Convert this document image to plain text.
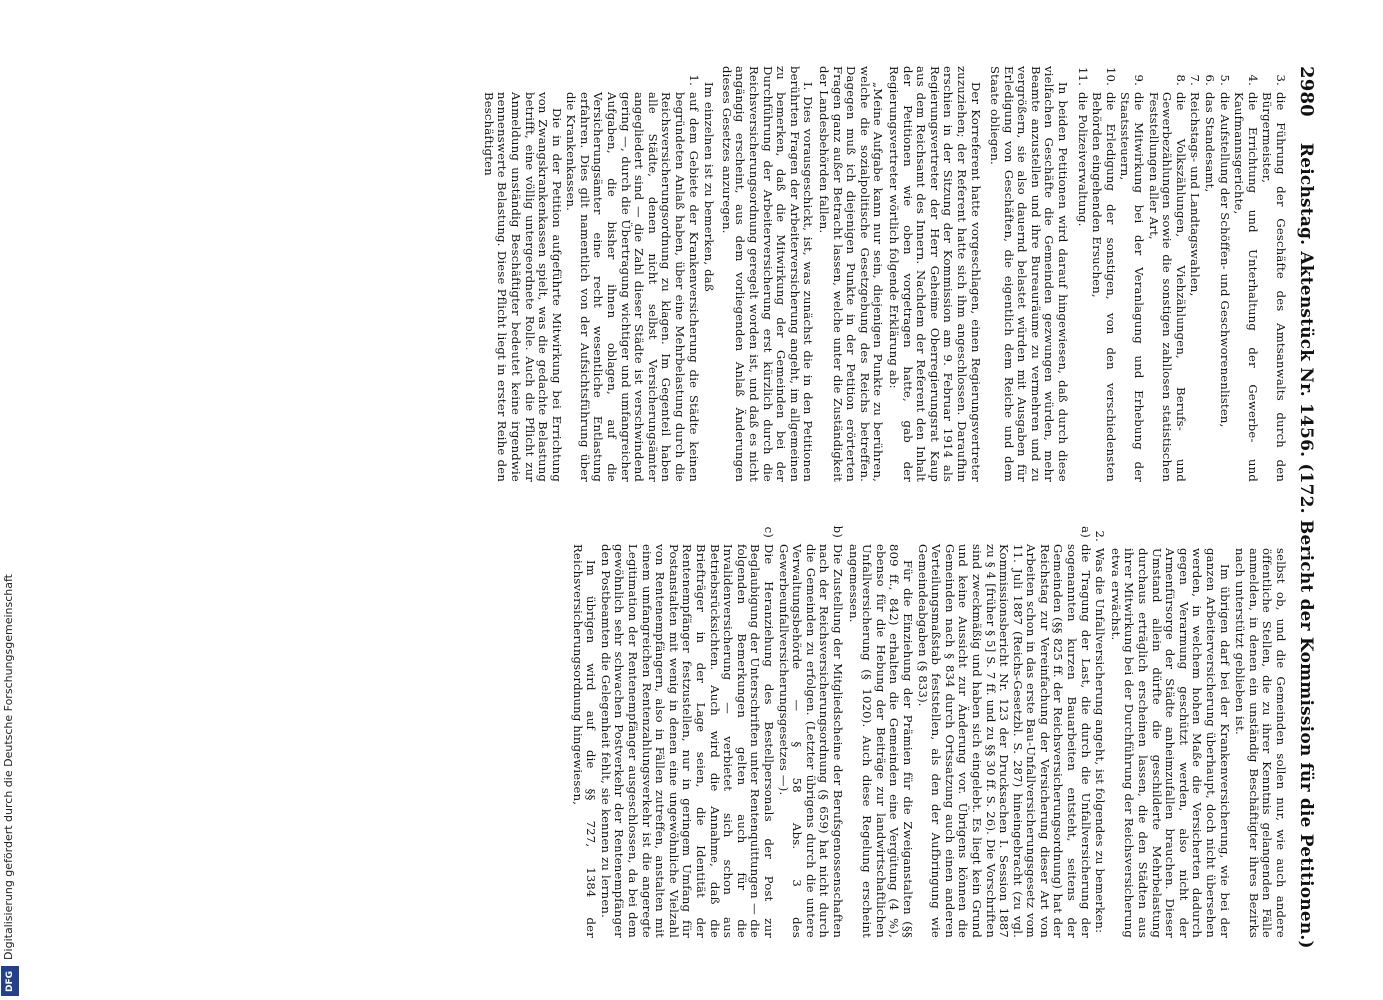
Digitalisierung gefördert durch die Deutsche Forschungsgemeinschaft
DFG
2980
Reichstag. Aktenstück Nr. 1456. (172. Bericht der Kommission für die Petitionen.)
3.
die Führung der Geschäfte des Amtsanwalts durch den Bürgermeister,
4.
die Errichtung und Unterhaltung der Gewerbe- und Kaufmannsgerichte,
5.
die Aufstellung der Schöffen- und Geschworenenlisten,
6.
das Standesamt,
7.
Reichstags- und Landtagswahlen,
8.
die Volkszählungen, Viehzählungen, Berufs- und Gewerbezählungen sowie die sonstigen zahllosen statistischen Feststellungen aller Art,
9.
die Mitwirkung bei der Veranlagung und Erhebung der Staatssteuern,
10.
die Erledigung der sonstigen, von den verschiedensten Behörden eingehenden Ersuchen,
11.
die Polizeiverwaltung.

In beiden Petitionen wird darauf hingewiesen, daß durch diese vielfachen Geschäfte die Gemeinden gezwungen würden, mehr Beamte anzustellen und ihre Bureauräume zu vermehren und zu vergrößern, sie also dauernd belastet würden mit Ausgaben für Erledigung von Geschäften, die eigentlich dem Reiche und dem Staate obliegen.

Der Korreferent hatte vorgeschlagen, einen Regierungsvertreter zuzuziehen; der Referent hatte sich ihm angeschlossen. Daraufhin erschien in der Sitzung der Kommission am 9. Februar 1914 als Regierungsvertreter der Herr Geheime Oberregierungsrat Kaup aus dem Reichsamt des Innern. Nachdem der Referent den Inhalt der Petitionen wie oben vorgetragen hatte, gab der Regierungsvertreter wörtlich folgende Erklärung ab:

„Meine Aufgabe kann nur sein, diejenigen Punkte zu berühren, welche die sozialpolitische Gesetzgebung des Reichs betreffen. Dagegen muß ich diejenigen Punkte in der Petition erörterten Fragen ganz außer Betracht lassen, welche unter die Zuständigkeit der Landesbehörden fallen.

I. Dies vorausgeschickt, ist, was zunächst die in den Petitionen berührten Fragen der Arbeiterversicherung angeht, im allgemeinen zu bemerken, daß die Mitwirkung der Gemeinden bei der Durchführung der Arbeiterversicherung erst kürzlich durch die Reichsversicherungsordnung geregelt worden ist, und daß es nicht angängig erscheint, aus dem vorliegenden Anlaß Änderungen dieses Gesetzes anzuregen.

Im einzelnen ist zu bemerken, daß

1.
auf dem Gebiete der Krankenversicherung die Städte keinen begründeten Anlaß haben, über eine Mehrbelastung durch die Reichsversicherungsordnung zu klagen. Im Gegenteil haben alle Städte, denen nicht selbst Versicherungsämter angegliedert sind — die Zahl dieser Städte ist verschwindend gering —, durch die Übertragung wichtiger und umfangreicher Aufgaben, die bisher ihnen oblagen, auf die Versicherungsämter eine recht wesentliche Entlastung erfahren. Dies gilt namentlich von der Aufsichtsführung über die Krankenkassen.

Die in der Petition aufgeführte Mitwirkung bei Errichtung von Zwangskrankenkassen spielt, was die gedachte Belastung betrifft, eine völlig untergeordnete Rolle. Auch die Pflicht zur Anmeldung unständig Beschäftigter bedeutet keine irgendwie nennenswerte Belastung. Diese Pflicht liegt in erster Reihe den Beschäftigten

selbst ob, und die Gemeinden sollen nur, wie auch andere öffentliche Stellen, die zu ihrer Kenntnis gelangenden Fälle anmelden, in denen ein unständig Beschäftigter ihres Bezirks nach unterstützt geblieben ist.

Im übrigen darf bei der Krankenversicherung, wie bei der ganzen Arbeiterversicherung überhaupt, doch nicht übersehen werden, in welchem hohen Maße die Versicherten dadurch gegen Verarmung geschützt werden, also nicht der Armenfürsorge der Städte anheimzufallen brauchen. Dieser Umstand allein dürfte die geschilderte Mehrbelastung durchaus erträglich erscheinen lassen, die den Städten aus ihrer Mitwirkung bei der Durchführung der Reichsversicherung etwa erwächst.

2.
Was die Unfallversicherung angeht, ist folgendes zu bemerken:
a)
die Tragung der Last, die durch die Unfallversicherung der sogenannten kurzen Bauarbeiten entsteht, seitens der Gemeinden (§§ 825 ff. der Reichsversicherungsordnung) hat der Reichstag zur Vereinfachung der Versicherung dieser Art von Arbeiten schon in das erste Bau-Unfallversicherungsgesetz vom 11. Juli 1887 (Reichs-Gesetzbl. S. 287) hineingebracht (zu vgl. Kommissionsbericht Nr. 123 der Drucksachen I. Session 1887 zu § 4 [früher § 5] S. 7 ff. und zu §§ 30 ff. S. 26). Die Vorschriften sind zweckmäßig und haben sich eingelebt. Es liegt kein Grund und keine Aussicht zur Änderung vor. Übrigens können die Gemeinden nach § 834 durch Ortssatzung auch einen anderen Verteilungsmaßstab feststellen, als den der Aufbringung wie Gemeindeabgaben (§ 833).

Für die Einziehung der Prämien für die Zweiganstalten (§§ 809 ff., 842) erhalten die Gemeinden eine Vergütung (4 %), ebenso für die Hebung der Beiträge zur landwirtschaftlichen Unfallversicherung (§ 1020). Auch diese Regelung erscheint angemessen.

b)
Die Zustellung der Mitgliedscheine der Berufsgenossenschaften nach der Reichsversicherungsordnung (§ 659) hat nicht durch die Gemeinden zu erfolgen. (Letzter übrigens durch die untere Verwaltungsbehörde — § 58 Abs. 3 des Gewerbeunfallversicherungsgesetzes —).
c)
Die Heranziehung des Bestellpersonals der Post zur Beglaubigung der Unterschriften unter Rentenquittungen — die folgenden Bemerkungen gelten auch für die Invalidenversicherung — verbietet sich schon aus Betriebsrücksichten. Auch wird die Annahme, daß die Briefträger in der Lage seien, die Identität der Rentenempfänger festzustellen, nur in geringem Umfang für Postanstalten mit wenig in denen eine ungewöhnliche Vielzahl von Rentenempfängern, also in Fällen zutreffen, anstalten mit einem umfangreichen Rentenzahlungsverkehr ist die angeregte Legitimation der Rentenempfänger ausgeschlossen, da bei dem gewöhnlich sehr schwachen Postverkehr der Rentenempfänger den Postbeamten die Gelegenheit fehlt, sie kennen zu lernen.

Im übrigen wird auf die §§ 727, 1384 der Reichsversicherungsordnung hingewiesen,
